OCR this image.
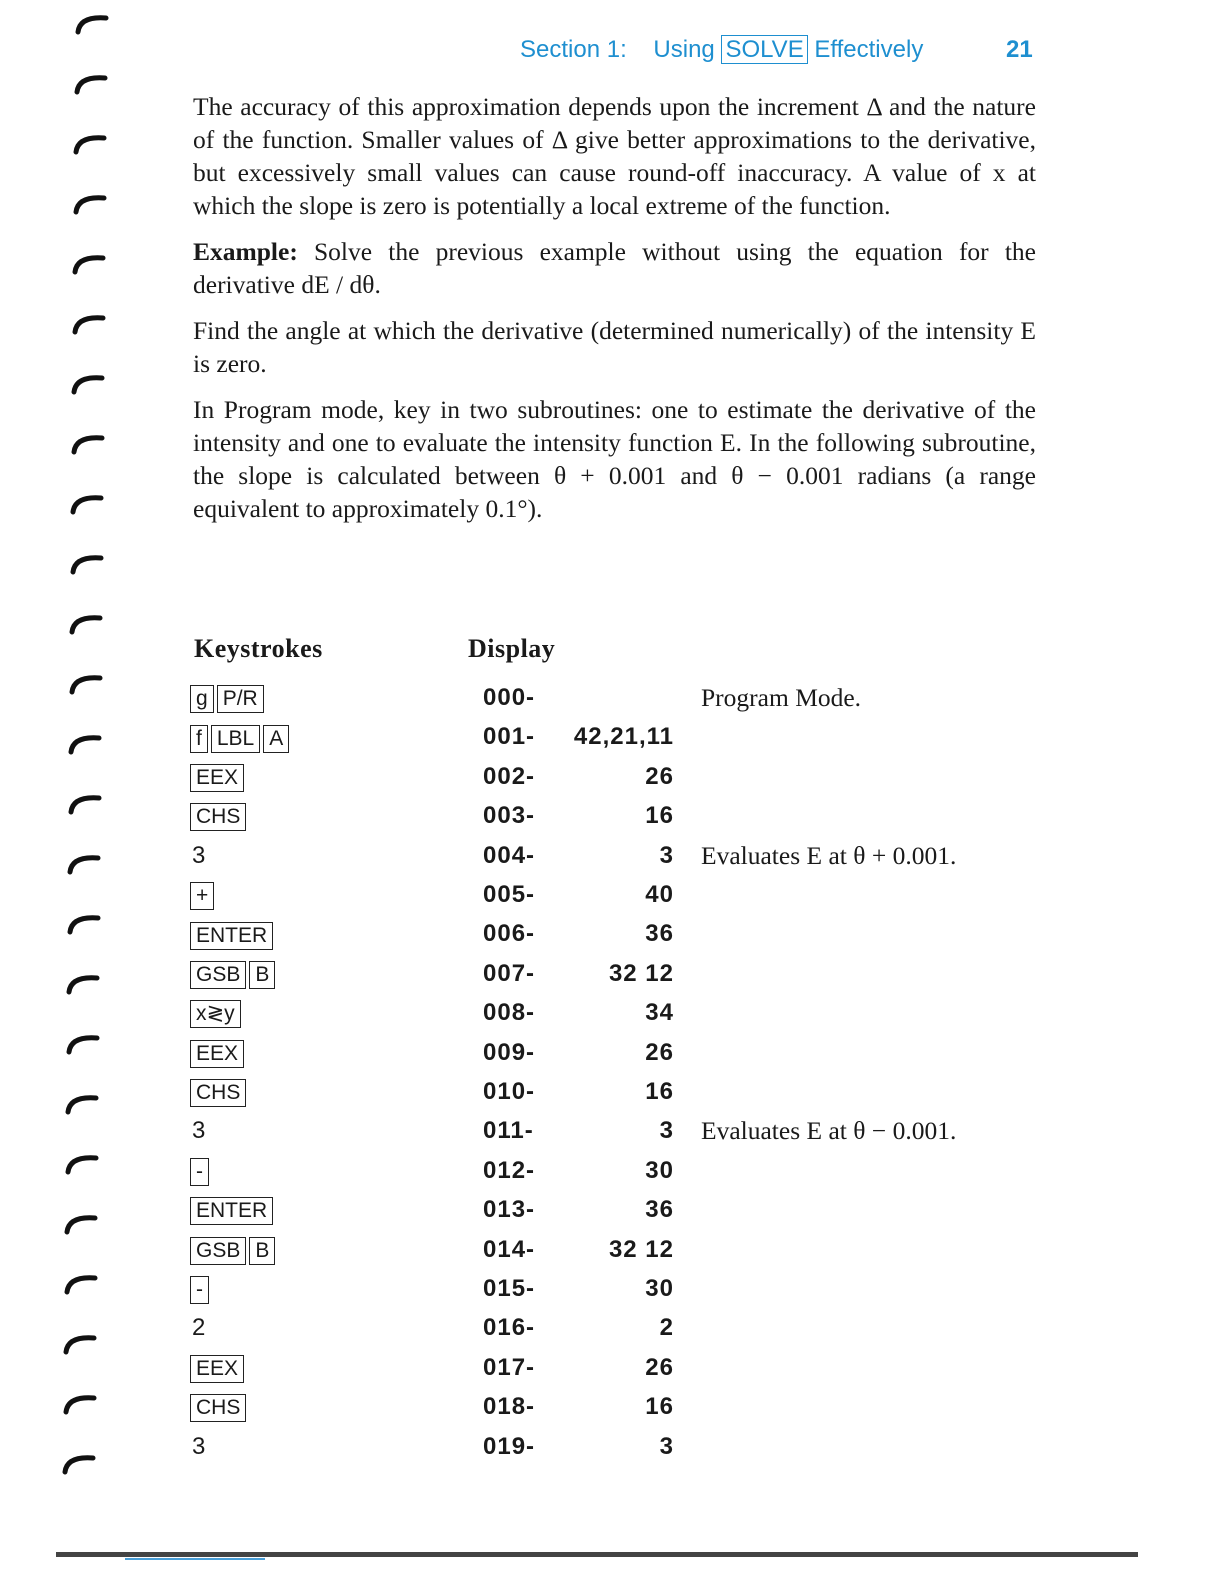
Section 1: Using SOLVE Effectively	21

The accuracy of this approximation depends upon the increment Δ and the nature of the function. Smaller values of Δ give better approximations to the derivative, but excessively small values can cause round-off inaccuracy. A value of x at which the slope is zero is potentially a local extreme of the function.

Example: Solve the previous example without using the equation for the derivative dE / dθ.

Find the angle at which the derivative (determined numerically) of the intensity E is zero.

In Program mode, key in two subroutines: one to estimate the derivative of the intensity and one to evaluate the intensity function E. In the following subroutine, the slope is calculated between θ + 0.001 and θ − 0.001 radians (a range equivalent to approximately 0.1°).

Keystrokes	Display
g P/R	000-	Program Mode.
f LBL A	001- 42,21,11
EEX	002-	26
CHS	003-	16
3	004-	3 Evaluates E at θ + 0.001.
+	005-	40
ENTER	006-	36
GSB B	007-	32 12
x≷y	008-	34
EEX	009-	26
CHS	010-	16
3	011-	3 Evaluates E at θ − 0.001.
-	012-	30
ENTER	013-	36
GSB B	014-	32 12
-	015-	30
2	016-	2
EEX	017-	26
CHS	018-	16
3	019-	3
